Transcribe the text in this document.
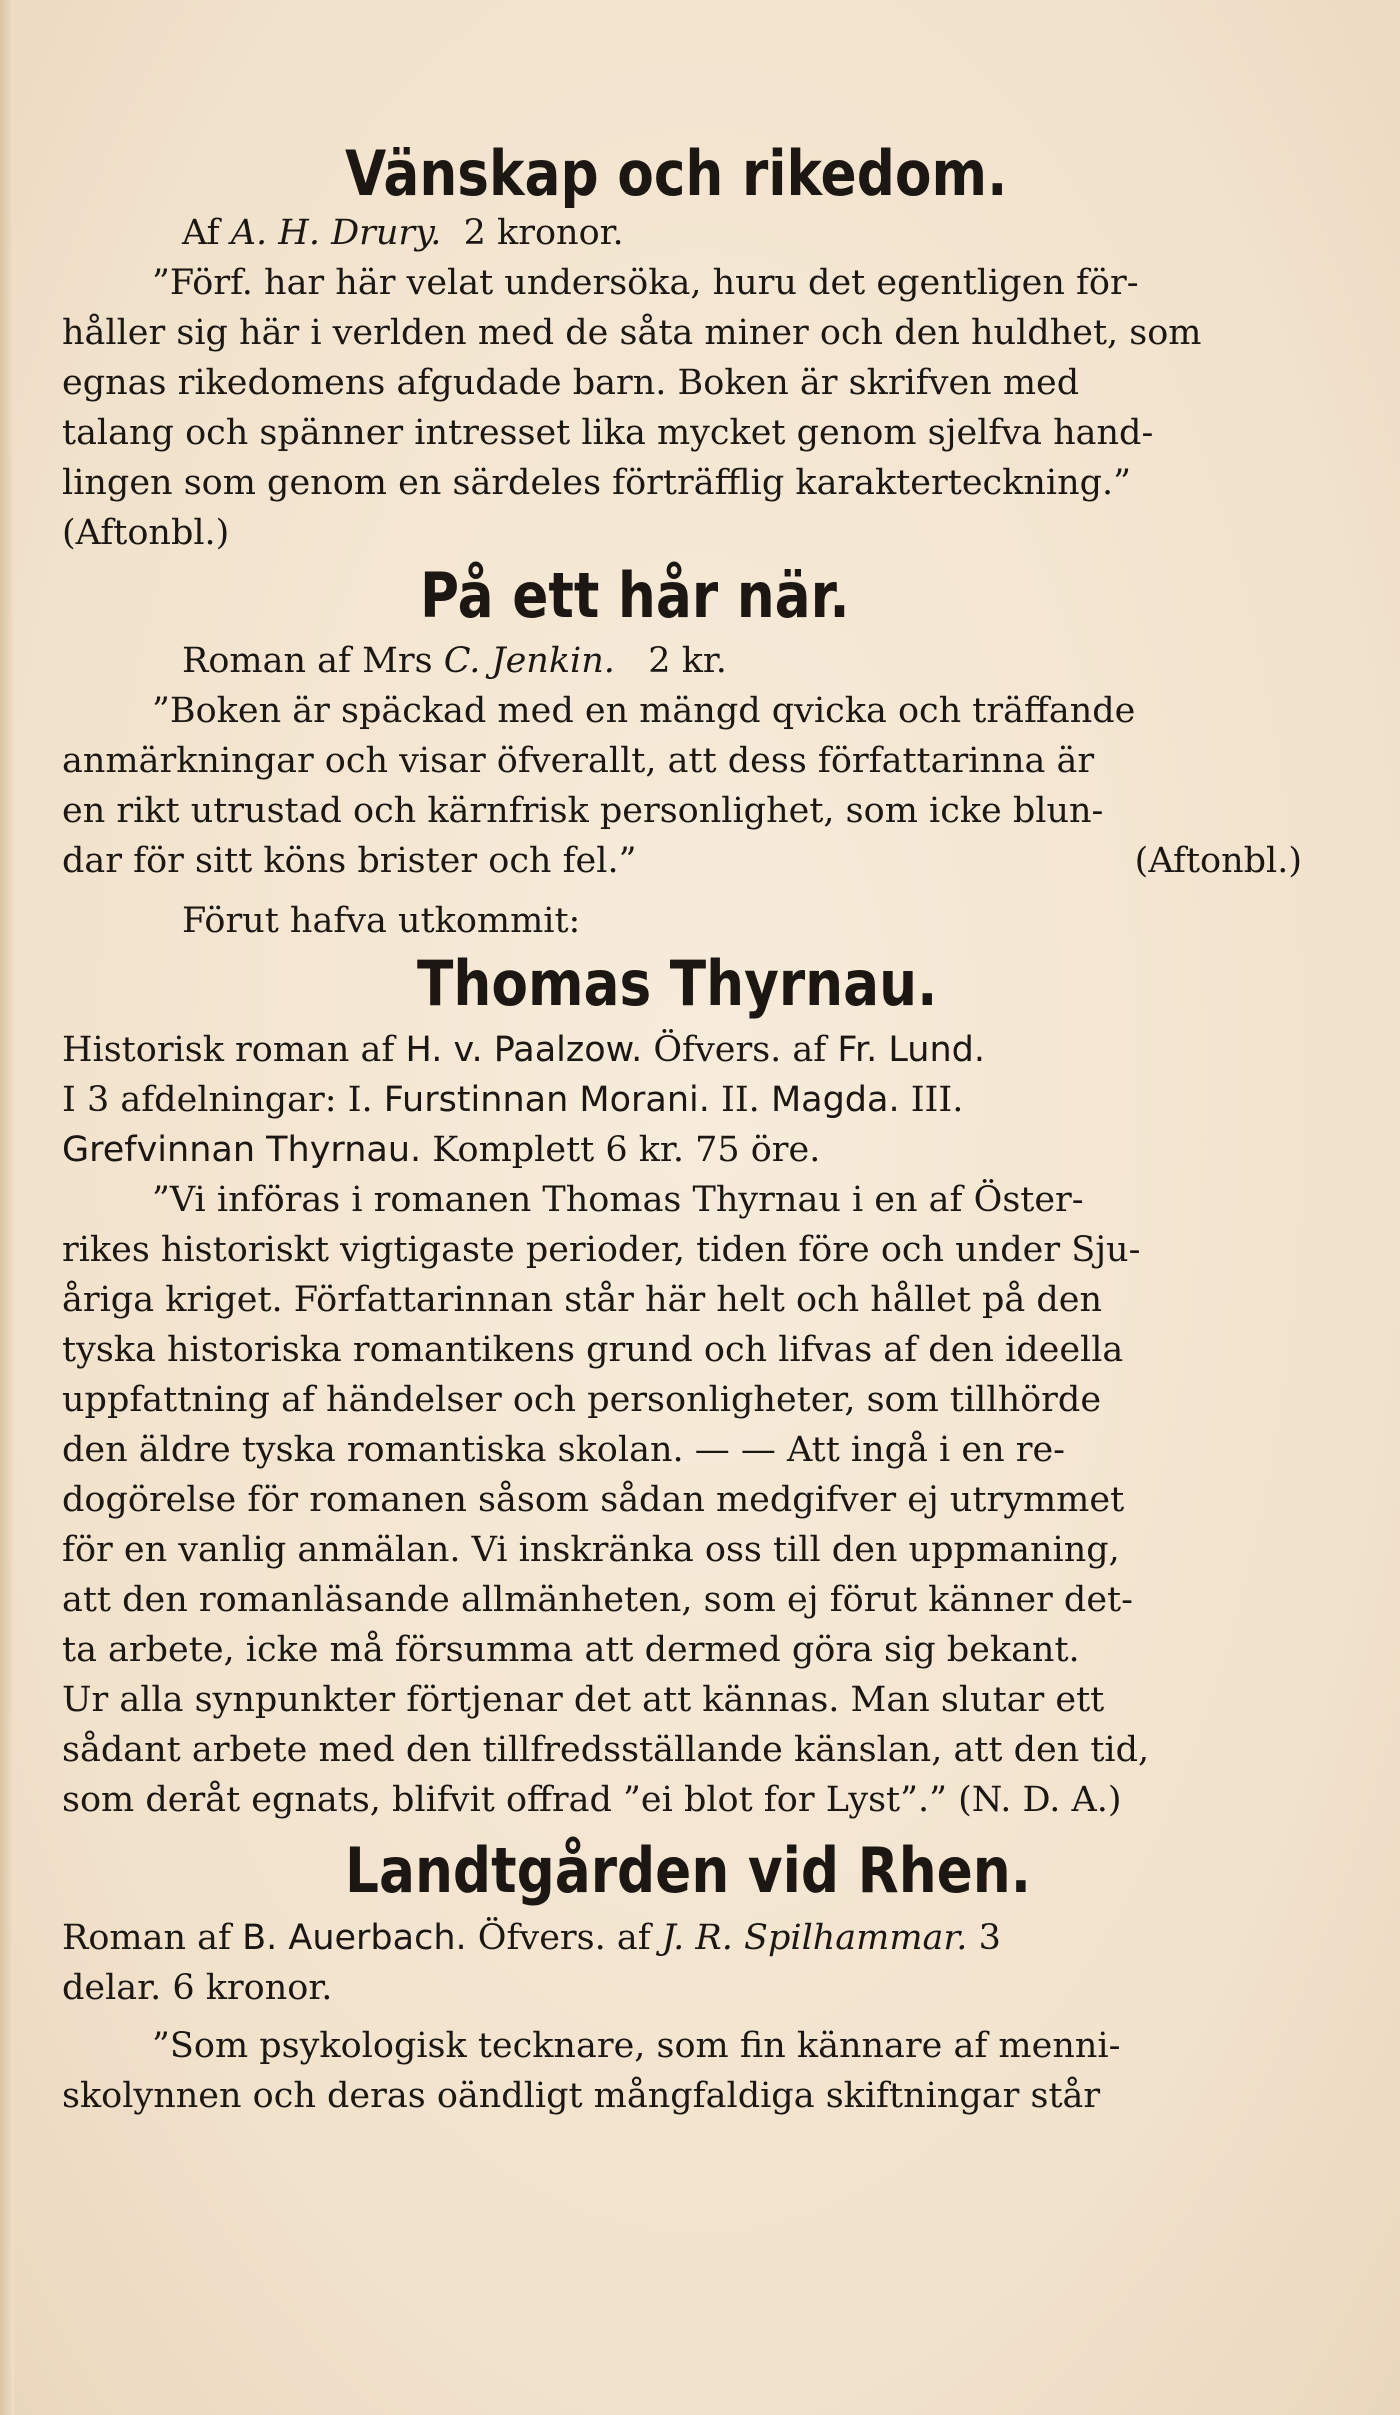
Vänskap och rikedom.

Af A. H. Drury. 2 kronor.

”Förf. har här velat undersöka, huru det egentligen för-

håller sig här i verlden med de såta miner och den huldhet, som

egnas rikedomens afgudade barn. Boken är skrifven med

talang och spänner intresset lika mycket genom sjelfva hand-

lingen som genom en särdeles förträfflig karakterteckning.”

(Aftonbl.)

På ett hår när.

Roman af Mrs C. Jenkin. 2 kr.

”Boken är späckad med en mängd qvicka och träffande

anmärkningar och visar öfverallt, att dess författarinna är

en rikt utrustad och kärnfrisk personlighet, som icke blun-

dar för sitt köns brister och fel.”	(Aftonbl.)

Förut hafva utkommit:

Thomas Thyrnau.

Historisk roman af H. v. Paalzow. Öfvers. af Fr. Lund.

I 3 afdelningar: I. Furstinnan Morani. II. Magda. III.

Grefvinnan Thyrnau. Komplett 6 kr. 75 öre.

”Vi införas i romanen Thomas Thyrnau i en af Öster-

rikes historiskt vigtigaste perioder, tiden före och under Sju-

åriga kriget. Författarinnan står här helt och hållet på den

tyska historiska romantikens grund och lifvas af den ideella

uppfattning af händelser och personligheter, som tillhörde

den äldre tyska romantiska skolan. — — Att ingå i en re-

dogörelse för romanen såsom sådan medgifver ej utrymmet

för en vanlig anmälan. Vi inskränka oss till den uppmaning,

att den romanläsande allmänheten, som ej förut känner det-

ta arbete, icke må försumma att dermed göra sig bekant.

Ur alla synpunkter förtjenar det att kännas. Man slutar ett

sådant arbete med den tillfredsställande känslan, att den tid,

som deråt egnats, blifvit offrad ”ei blot for Lyst”.” (N. D. A.)

Landtgården vid Rhen.

Roman af B. Auerbach. Öfvers. af J. R. Spilhammar. 3

delar. 6 kronor.

”Som psykologisk tecknare, som fin kännare af menni-

skolynnen och deras oändligt mångfaldiga skiftningar står
